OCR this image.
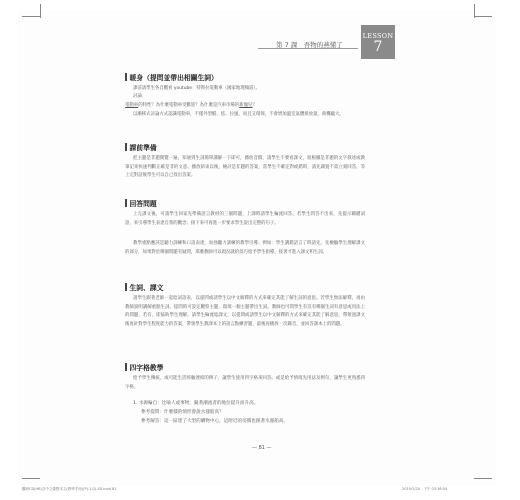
第 7 課　吾物的燕懂了
LESSON
7
暖身（提問並帶出相關生詞）
課前請學生各自觀看 youtube：特斯拉電動車（國家地理頻道）。
討論：
電動車的特性？為什麼電動車受歡迎？為什麼是汽車市場的新寵兒？
以漸移式討論方式認識電動車，不僅外型酷、炫、拉風，而且又環保，不會增加溫室氣體排放量，商機龐大。
課前準備
把主題是非題開覽一遍，知通到生詞簡單講解一下即可，播放音檔，請學生不要看課文，很根據是非題的文字敘述或教筆記來快速判斷正確是非的文意。播放結束以後，檢討是非題的答案，當學生不確定對或錯時，請先調置不需立刻回答，等上完對話後學生可以自己找出答案。
回答問題
上完課文後，可請學生回家先準備語言教材的三個問題，上課時請學生輪流回答，若學生問答不出來，先提示關鍵詞語，來引導學生表達自我的觀念；接下來可再進一步要求學生說出完整的句子。
教學重點應該是聽力訓練和口語表達，加強聽力訓練的教學引導；例如：學生講錯語言了時請先，先檢驗學生理解課文的部分，如果對於哪個問題有疑問，那麼教師可以現況就的技巧給予學生指導，接著才進入課文和生詞。
生詞、課文
請學生跟著老師一起唸詞語表，以提問或請學生以中文解釋的方式來確定其能了解生詞的意思。若學生無法解釋，再由教師說明講解重點生詞。提問時可設定觀察主題，環境一個主題帶出生詞。教師也可問學生有沒有哪個生詞有意思或用法上的問題，若有，即協助學生理解。請學生輪流唸課文，以提問或請學生以中文解釋的方式來確定其能了解意思，帶領過課文後再針對學生程度能力的答案，帶領學生教課本上的語言點練習題，最後再播放一次錄音，並回答課本上的問題。
四字格教學
給予學生傳統，或可能生活經驗連結的例子，讓學生使用四字格來回答。或是給予情境先用法及例句，讓學生更熟悉四字格。
1. 水源輪自：比喻人或事物，隨著潮流者的地位提升而升高。
參考提問：什麼樣的情形會說水漲船高？
參考解答：這一區建了大型的購物中心，這附近的房價也跟著水漲船高。
— 81 —
觀研CD(HB)含中文彙整本文(教學手冊)(P)-1(1)-SS.indd 81	2019/2/20　下午 03:36:54
